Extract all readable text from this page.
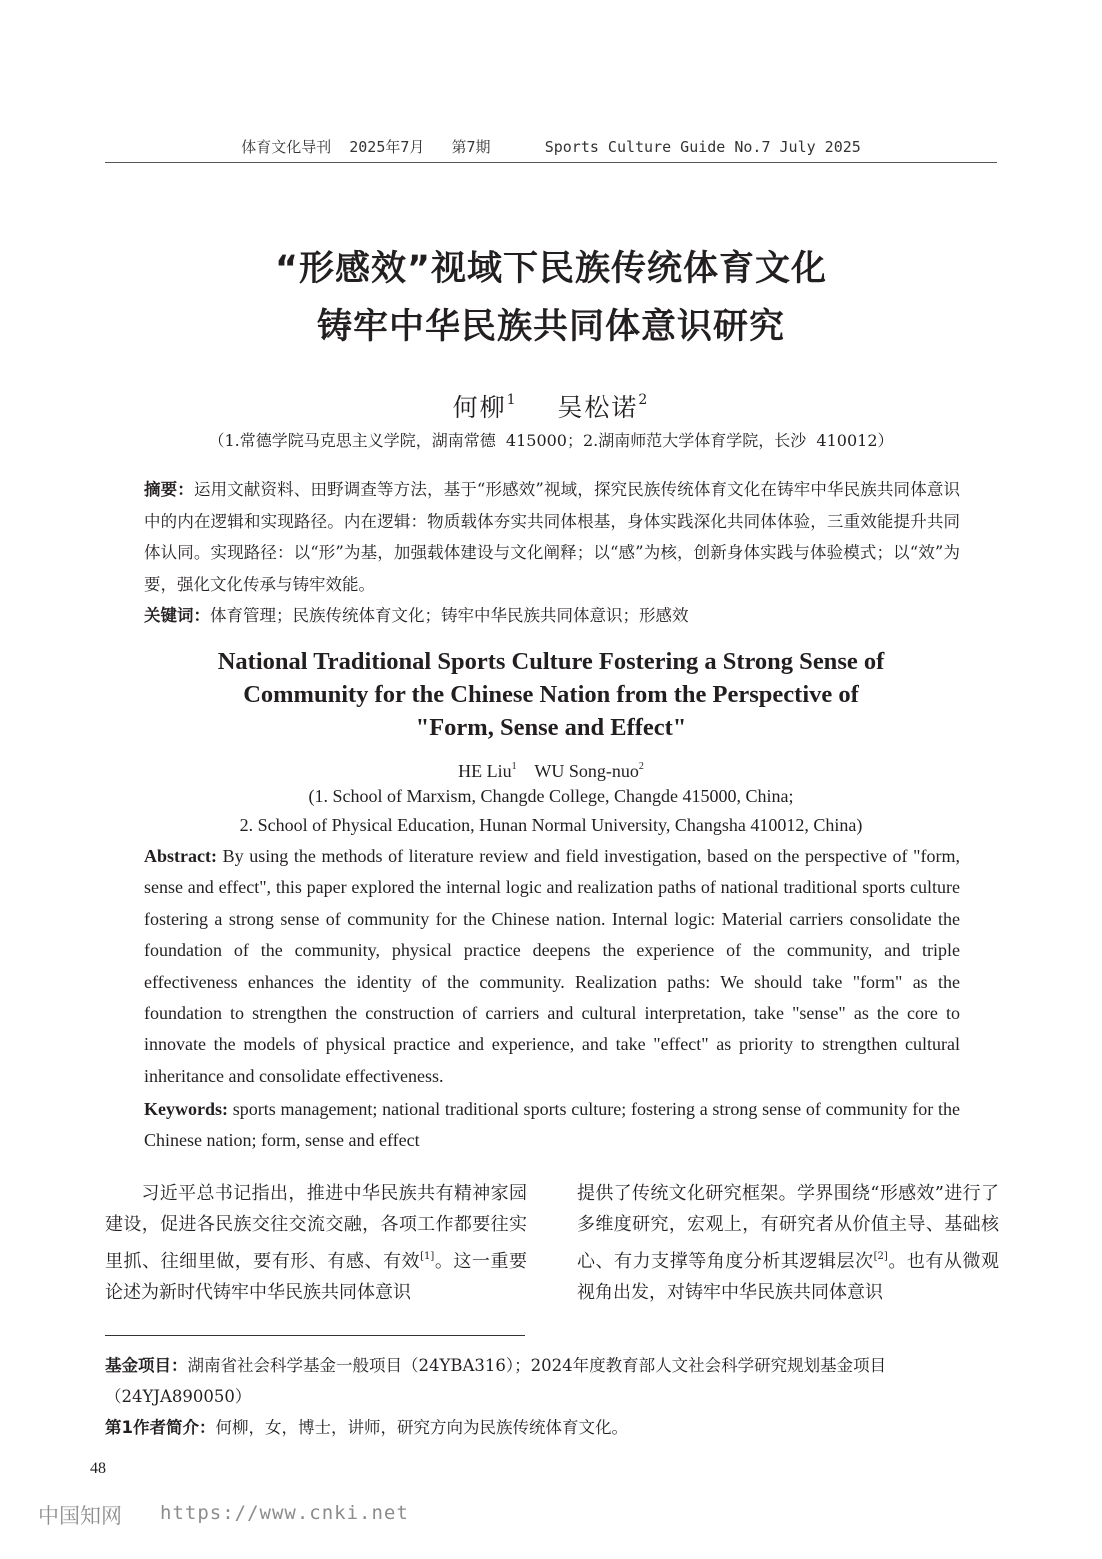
体育文化导刊  2025年7月   第7期      Sports Culture Guide No.7 July 2025
“形感效”视域下民族传统体育文化
铸牢中华民族共同体意识研究
何柳$^1$ 吴松诺$^2$
（1.常德学院马克思主义学院，湖南常德  415000；2.湖南师范大学体育学院，长沙  410012）
摘要：运用文献资料、田野调查等方法，基于“形感效”视域，探究民族传统体育文化在铸牢中华民族共同体意识中的内在逻辑和实现路径。内在逻辑：物质载体夯实共同体根基，身体实践深化共同体体验，三重效能提升共同体认同。实现路径：以“形”为基，加强载体建设与文化阐释；以“感”为核，创新身体实践与体验模式；以“效”为要，强化文化传承与铸牢效能。
关键词：体育管理；民族传统体育文化；铸牢中华民族共同体意识；形感效
National Traditional Sports Culture Fostering a Strong Sense of
Community for the Chinese Nation from the Perspective of
"Form, Sense and Effect"
HE Liu$^1$ WU Song-nuo$^2$
(1. School of Marxism, Changde College, Changde 415000, China;
2. School of Physical Education, Hunan Normal University, Changsha 410012, China)
Abstract: By using the methods of literature review and field investigation, based on the perspective of "form, sense and effect", this paper explored the internal logic and realization paths of national traditional sports culture fostering a strong sense of community for the Chinese nation. Internal logic: Material carriers consolidate the foundation of the community, physical practice deepens the experience of the community, and triple effectiveness enhances the identity of the community. Realization paths: We should take "form" as the foundation to strengthen the construction of carriers and cultural interpretation, take "sense" as the core to innovate the models of physical practice and experience, and take "effect" as priority to strengthen cultural inheritance and consolidate effectiveness.
Keywords: sports management; national traditional sports culture; fostering a strong sense of community for the Chinese nation; form, sense and effect
习近平总书记指出，推进中华民族共有精神家园建设，促进各民族交往交流交融，各项工作都要往实里抓、往细里做，要有形、有感、有效[1]。这一重要论述为新时代铸牢中华民族共同体意识
提供了传统文化研究框架。学界围绕“形感效”进行了多维度研究，宏观上，有研究者从价值主导、基础核心、有力支撑等角度分析其逻辑层次[2]。也有从微观视角出发，对铸牢中华民族共同体意识
基金项目：湖南省社会科学基金一般项目（24YBA316）；2024年度教育部人文社会科学研究规划基金项目（24YJA890050）
第1作者简介：何柳，女，博士，讲师，研究方向为民族传统体育文化。
48
中国知网 https://www.cnki.net
